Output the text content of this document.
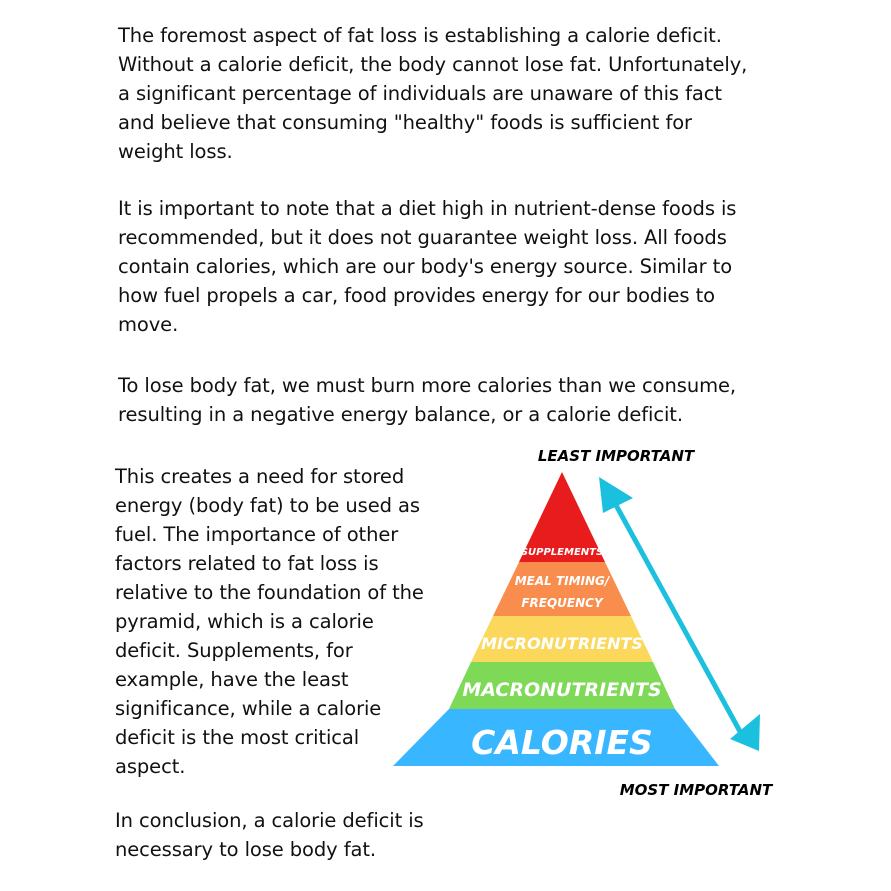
The foremost aspect of fat loss is establishing a calorie deficit.
Without a calorie deficit, the body cannot lose fat. Unfortunately,
a significant percentage of individuals are unaware of this fact
and believe that consuming "healthy" foods is sufficient for
weight loss.
It is important to note that a diet high in nutrient-dense foods is
recommended, but it does not guarantee weight loss. All foods
contain calories, which are our body's energy source. Similar to
how fuel propels a car, food provides energy for our bodies to
move.
To lose body fat, we must burn more calories than we consume,
resulting in a negative energy balance, or a calorie deficit.
This creates a need for stored
energy (body fat) to be used as
fuel. The importance of other
factors related to fat loss is
relative to the foundation of the
pyramid, which is a calorie
deficit. Supplements, for
example, have the least
significance, while a calorie
deficit is the most critical
aspect.
In conclusion, a calorie deficit is
necessary to lose body fat.
SUPPLEMENTS
MEAL TIMING/
FREQUENCY
MICRONUTRIENTS
MACRONUTRIENTS
CALORIES
LEAST IMPORTANT
MOST IMPORTANT
